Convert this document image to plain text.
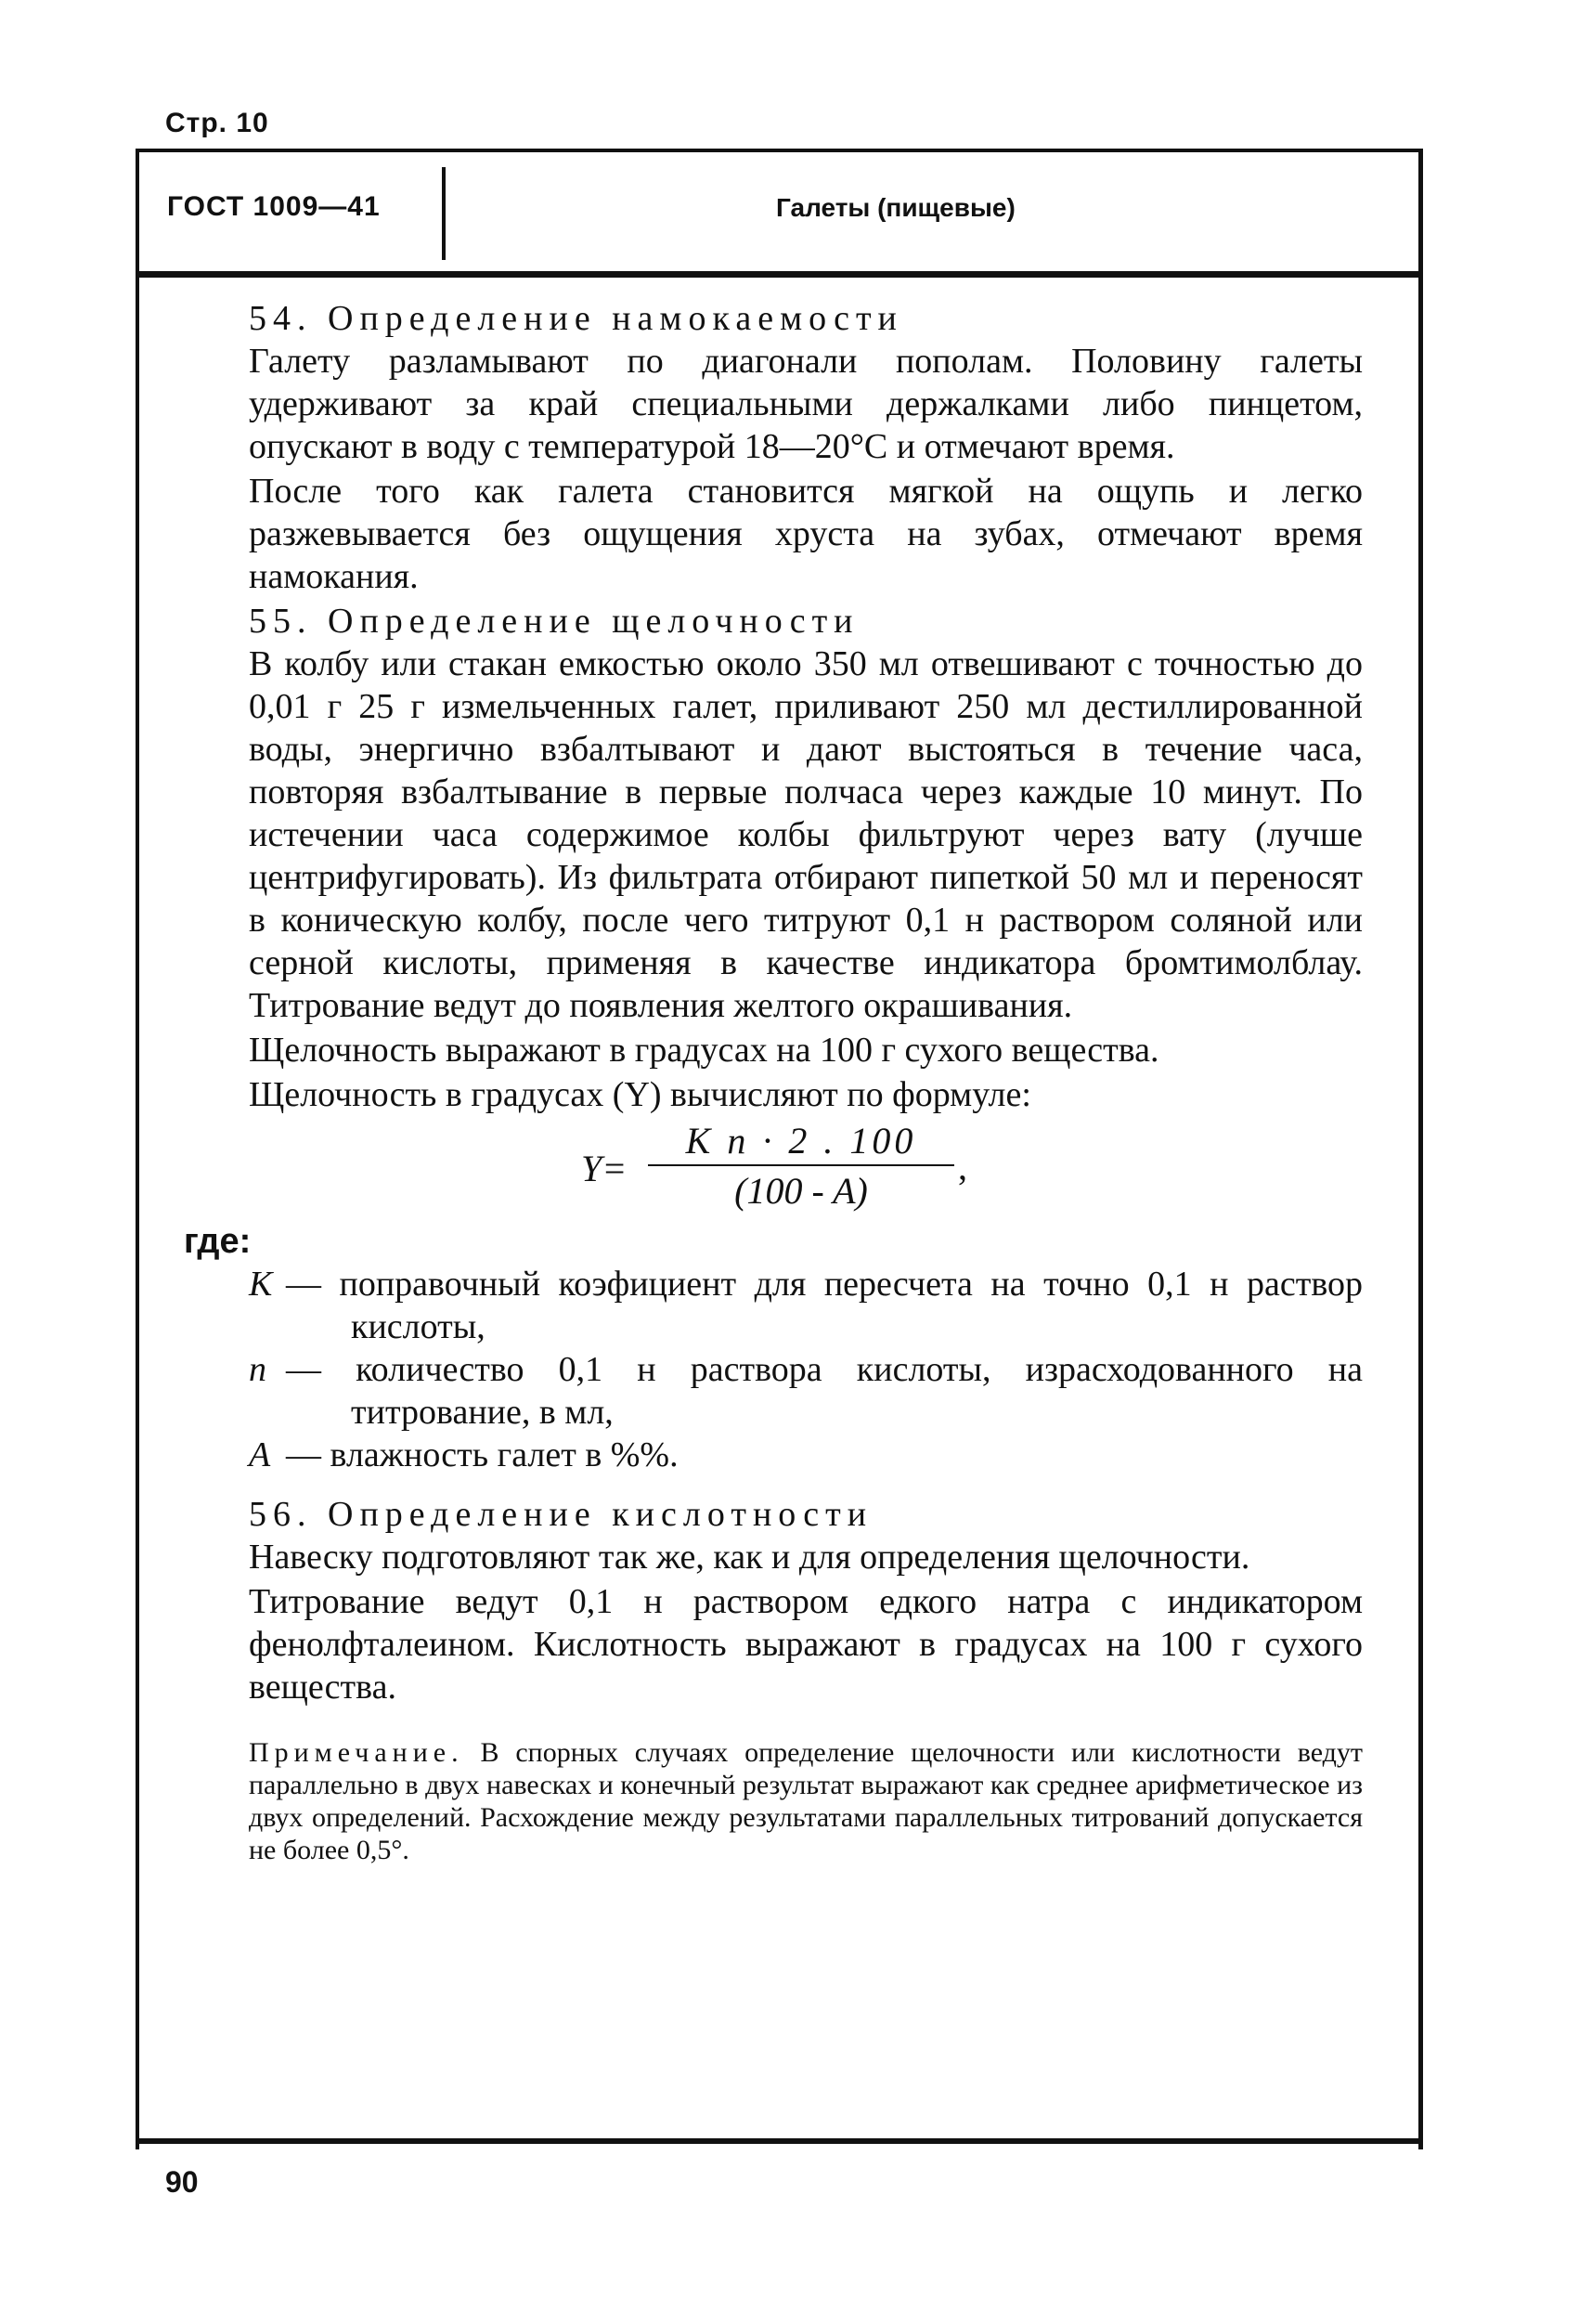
Стр. 10
ГОСТ 1009—41	Галеты (пищевые)

54. Определение намокаемости

Галету разламывают по диагонали пополам. Половину галеты удерживают за край специальными держалками либо пинцетом, опускают в воду с температурой 18—20°С и отмечают время.

После того как галета становится мягкой на ощупь и легко разжевывается без ощущения хруста на зубах, отмечают время намокания.

55. Определение щелочности

В колбу или стакан емкостью около 350 мл отвешивают с точностью до 0,01 г 25 г измельченных галет, приливают 250 мл дестиллированной воды, энергично взбалтывают и дают выстояться в течение часа, повторяя взбалтывание в первые полчаса через каждые 10 минут. По истечении часа содержимое колбы фильтруют через вату (лучше центрифугировать). Из фильтрата отбирают пипеткой 50 мл и переносят в коническую колбу, после чего титруют 0,1 н раствором соляной или серной кислоты, применяя в качестве индикатора бромтимолблау. Титрование ведут до появления желтого окрашивания.

Щелочность выражают в градусах на 100 г сухого вещества.

Щелочность в градусах (Y) вычисляют по формуле:

Y=
K n · 2 . 100
(100 - A)
,

где:

K — поправочный коэфициент для пересчета на точно 0,1 н раствор кислоты,

n — количество 0,1 н раствора кислоты, израсходованного на титрование, в мл,

A — влажность галет в %%.

56. Определение кислотности

Навеску подготовляют так же, как и для определения щелочности.

Титрование ведут 0,1 н раствором едкого натра с индикатором фенолфталеином. Кислотность выражают в градусах на 100 г сухого вещества.

Примечание. В спорных случаях определение щелочности или кислотности ведут параллельно в двух навесках и конечный результат выражают как среднее арифметическое из двух определений. Расхождение между результатами параллельных титрований допускается не более 0,5°.

90
